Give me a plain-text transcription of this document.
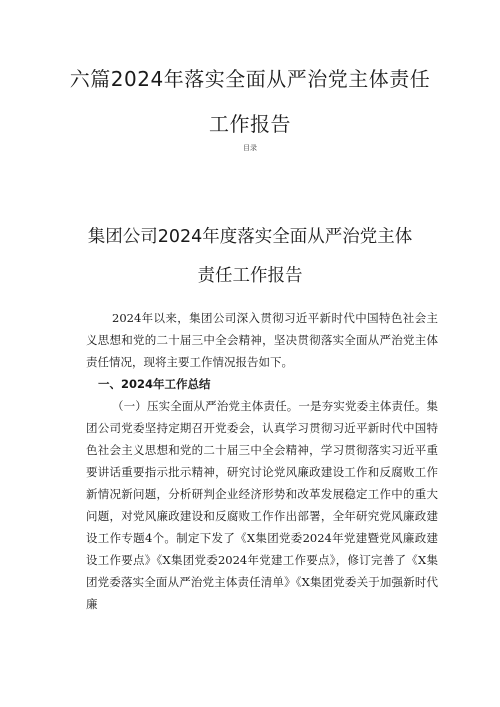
六篇2024年落实全面从严治党主体责任
工作报告
目录
集团公司2024年度落实全面从严治党主体
责任工作报告

2024年以来，集团公司深入贯彻习近平新时代中国特色社会主义思想和党的二十届三中全会精神，坚决贯彻落实全面从严治党主体责任情况，现将主要工作情况报告如下。

一、2024年工作总结

（一）压实全面从严治党主体责任。一是夯实党委主体责任。集团公司党委坚持定期召开党委会，认真学习贯彻习近平新时代中国特色社会主义思想和党的二十届三中全会精神，学习贯彻落实习近平重要讲话重要指示批示精神，研究讨论党风廉政建设工作和反腐败工作新情况新问题，分析研判企业经济形势和改革发展稳定工作中的重大问题，对党风廉政建设和反腐败工作作出部署，全年研究党风廉政建设工作专题4个。制定下发了《X集团党委2024年党建暨党风廉政建设工作要点》《X集团党委2024年党建工作要点》，修订完善了《X集团党委落实全面从严治党主体责任清单》《X集团党委关于加强新时代廉
